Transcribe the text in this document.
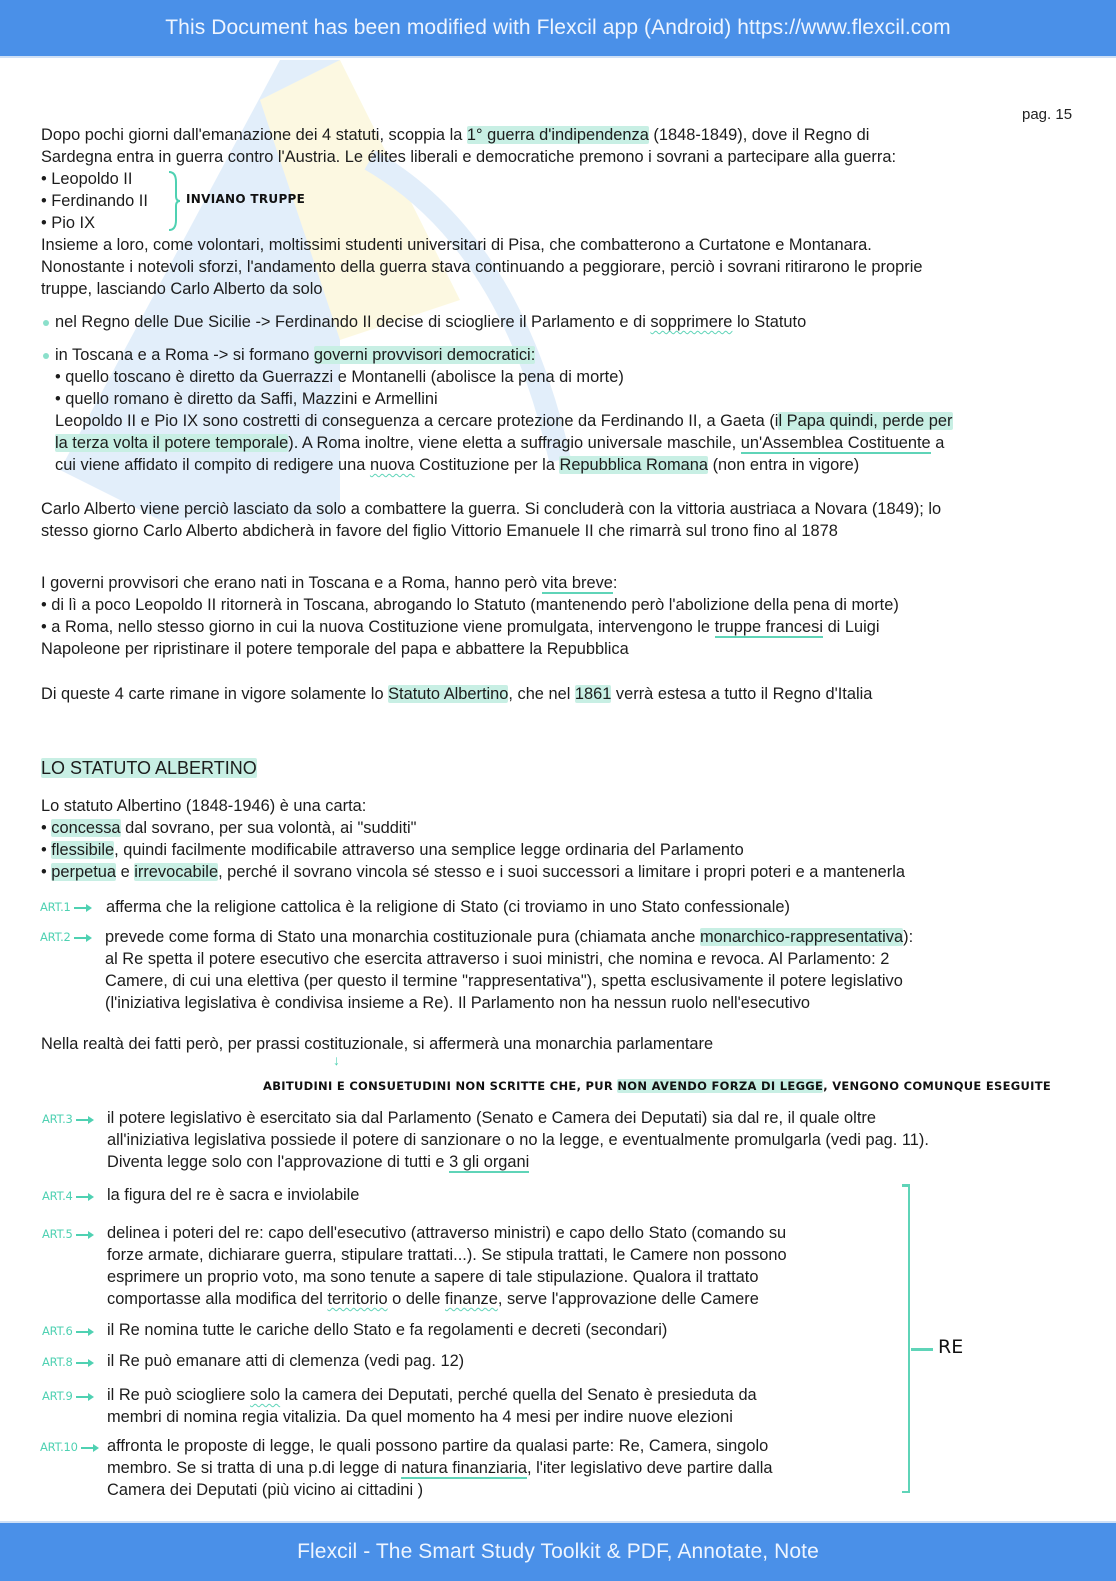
This Document has been modified with Flexcil app (Android) https://www.flexcil.com
pag. 15
Dopo pochi giorni dall'emanazione dei 4 statuti, scoppia la 1° guerra d'indipendenza (1848-1849), dove il Regno di
Sardegna entra in guerra contro l'Austria. Le élites liberali e democratiche premono i sovrani a partecipare alla guerra:
• Leopoldo II
• Ferdinando II
• Pio IX
INVIANO TRUPPE
Insieme a loro, come volontari, moltissimi studenti universitari di Pisa, che combatterono a Curtatone e Montanara.
Nonostante i notevoli sforzi, l'andamento della guerra stava continuando a peggiorare, perciò i sovrani ritirarono le proprie
truppe, lasciando Carlo Alberto da solo
nel Regno delle Due Sicilie -> Ferdinando II decise di sciogliere il Parlamento e di sopprimere lo Statuto
in Toscana e a Roma -> si formano governi provvisori democratici:
• quello toscano è diretto da Guerrazzi e Montanelli (abolisce la pena di morte)
• quello romano è diretto da Saffi, Mazzini e Armellini
Leopoldo II e Pio IX sono costretti di conseguenza a cercare protezione da Ferdinando II, a Gaeta (il Papa quindi, perde per
la terza volta il potere temporale). A Roma inoltre, viene eletta a suffragio universale maschile, un'Assemblea Costituente a
cui viene affidato il compito di redigere una nuova Costituzione per la Repubblica Romana (non entra in vigore)
Carlo Alberto viene perciò lasciato da solo a combattere la guerra. Si concluderà con la vittoria austriaca a Novara (1849); lo
stesso giorno Carlo Alberto abdicherà in favore del figlio Vittorio Emanuele II che rimarrà sul trono fino al 1878
I governi provvisori che erano nati in Toscana e a Roma, hanno però vita breve:
• di lì a poco Leopoldo II ritornerà in Toscana, abrogando lo Statuto (mantenendo però l'abolizione della pena di morte)
• a Roma, nello stesso giorno in cui la nuova Costituzione viene promulgata, intervengono le truppe francesi di Luigi
Napoleone per ripristinare il potere temporale del papa e abbattere la Repubblica
Di queste 4 carte rimane in vigore solamente lo Statuto Albertino, che nel 1861 verrà estesa a tutto il Regno d'Italia
LO STATUTO ALBERTINO
Lo statuto Albertino (1848-1946) è una carta:
• concessa dal sovrano, per sua volontà, ai "sudditi"
• flessibile, quindi facilmente modificabile attraverso una semplice legge ordinaria del Parlamento
• perpetua e irrevocabile, perché il sovrano vincola sé stesso e i suoi successori a limitare i propri poteri e a mantenerla
ART.1	afferma che la religione cattolica è la religione di Stato (ci troviamo in uno Stato confessionale)
ART.2	prevede come forma di Stato una monarchia costituzionale pura (chiamata anche monarchico-rappresentativa):
al Re spetta il potere esecutivo che esercita attraverso i suoi ministri, che nomina e revoca. Al Parlamento: 2
Camere, di cui una elettiva (per questo il termine "rappresentativa"), spetta esclusivamente il potere legislativo
(l'iniziativa legislativa è condivisa insieme a Re). Il Parlamento non ha nessun ruolo nell'esecutivo
Nella realtà dei fatti però, per prassi costituzionale, si affermerà una monarchia parlamentare
↓
ABITUDINI E CONSUETUDINI NON SCRITTE CHE, PUR NON AVENDO FORZA DI LEGGE, VENGONO COMUNQUE ESEGUITE
ART.3	il potere legislativo è esercitato sia dal Parlamento (Senato e Camera dei Deputati) sia dal re, il quale oltre
all'iniziativa legislativa possiede il potere di sanzionare o no la legge, e eventualmente promulgarla (vedi pag. 11).
Diventa legge solo con l'approvazione di tutti e 3 gli organi
ART.4	la figura del re è sacra e inviolabile
ART.5	delinea i poteri del re: capo dell'esecutivo (attraverso ministri) e capo dello Stato (comando su
forze armate, dichiarare guerra, stipulare trattati...). Se stipula trattati, le Camere non possono
esprimere un proprio voto, ma sono tenute a sapere di tale stipulazione. Qualora il trattato
comportasse alla modifica del territorio o delle finanze, serve l'approvazione delle Camere
ART.6	il Re nomina tutte le cariche dello Stato e fa regolamenti e decreti (secondari)
ART.8	il Re può emanare atti di clemenza (vedi pag. 12)
ART.9	il Re può sciogliere solo la camera dei Deputati, perché quella del Senato è presieduta da
membri di nomina regia vitalizia. Da quel momento ha 4 mesi per indire nuove elezioni
ART.10	affronta le proposte di legge, le quali possono partire da qualasi parte: Re, Camera, singolo
membro. Se si tratta di una p.di legge di natura finanziaria, l'iter legislativo deve partire dalla
Camera dei Deputati (più vicino ai cittadini )
RE
Flexcil - The Smart Study Toolkit & PDF, Annotate, Note
